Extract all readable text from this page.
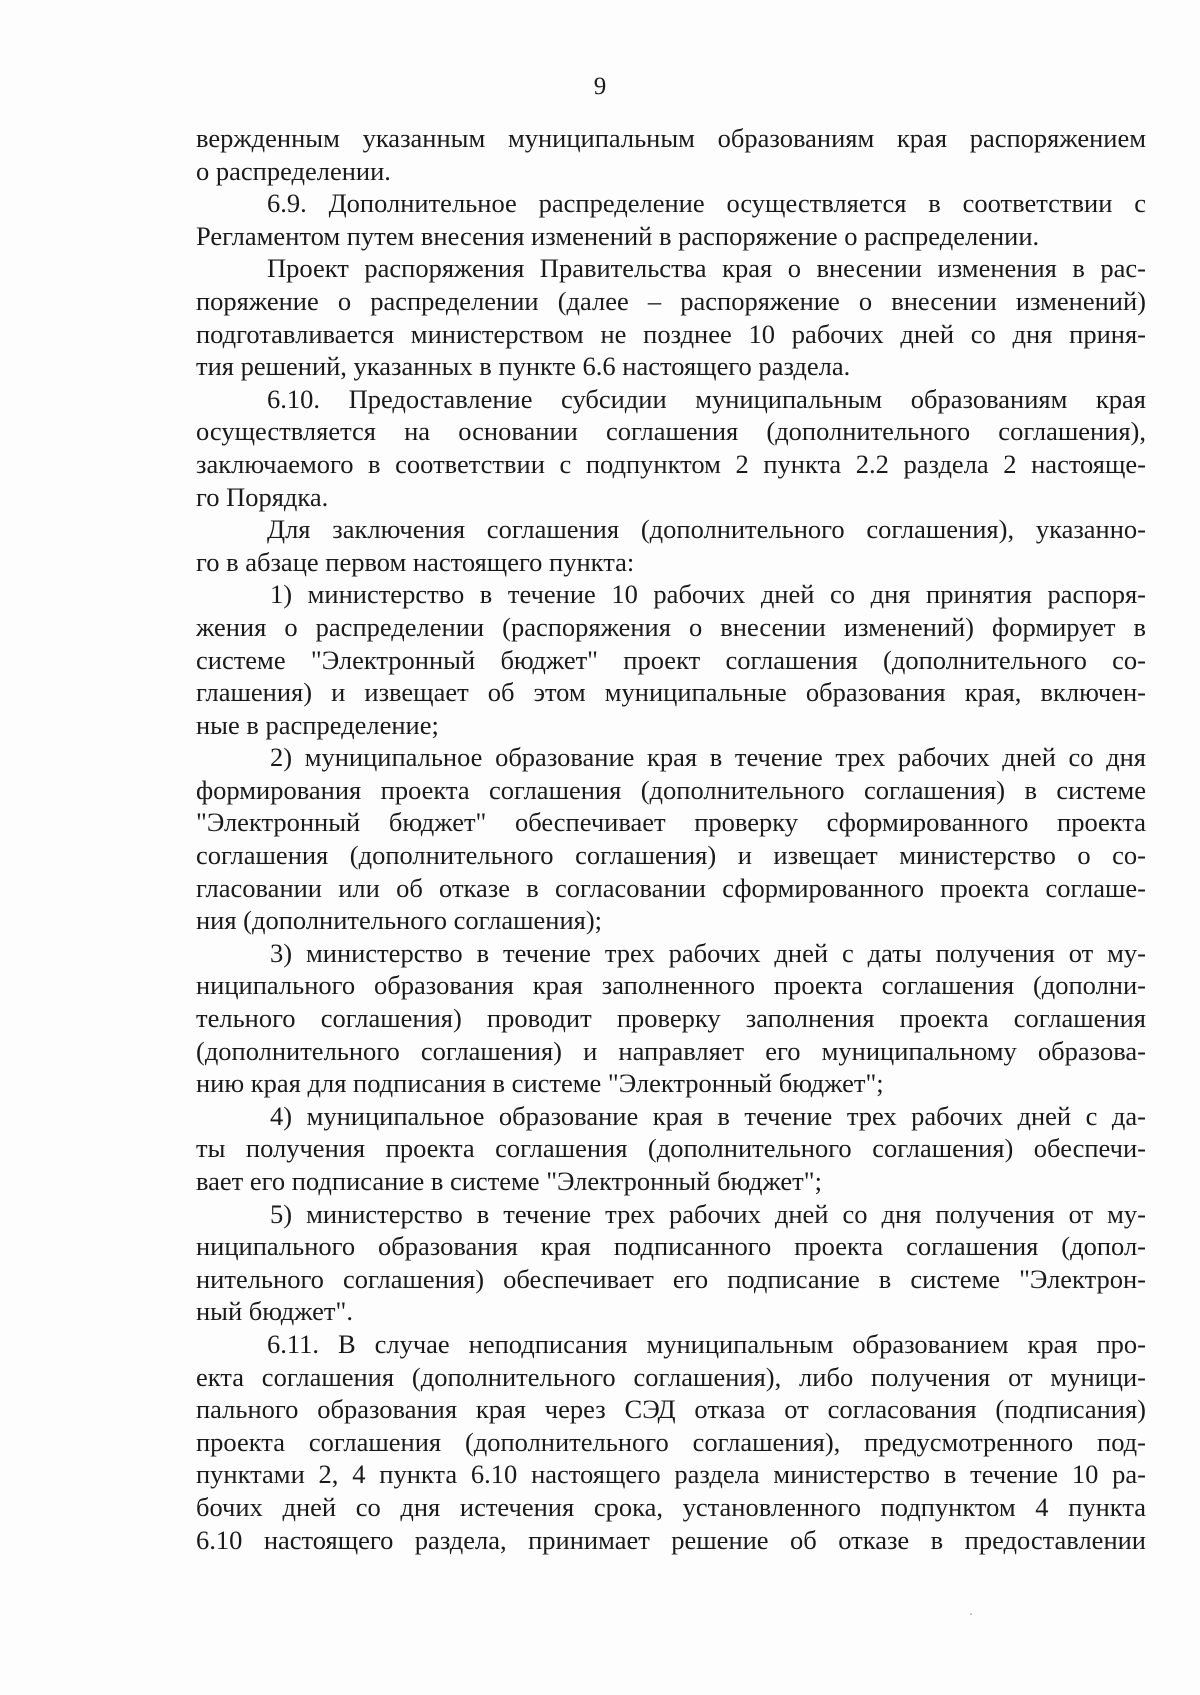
9
вержденным указанным муниципальным образованиям края распоряжением
о распределении.
6.9. Дополнительное распределение осуществляется в соответствии с
Регламентом путем внесения изменений в распоряжение о распределении.
Проект распоряжения Правительства края о внесении изменения в рас-
поряжение о распределении (далее – распоряжение о внесении изменений)
подготавливается министерством не позднее 10 рабочих дней со дня приня-
тия решений, указанных в пункте 6.6 настоящего раздела.
6.10. Предоставление субсидии муниципальным образованиям края
осуществляется на основании соглашения (дополнительного соглашения),
заключаемого в соответствии с подпунктом 2 пункта 2.2 раздела 2 настояще-
го Порядка.
Для заключения соглашения (дополнительного соглашения), указанно-
го в абзаце первом настоящего пункта:
1) министерство в течение 10 рабочих дней со дня принятия распоря-
жения о распределении (распоряжения о внесении изменений) формирует в
системе "Электронный бюджет" проект соглашения (дополнительного со-
глашения) и извещает об этом муниципальные образования края, включен-
ные в распределение;
2) муниципальное образование края в течение трех рабочих дней со дня
формирования проекта соглашения (дополнительного соглашения) в системе
"Электронный бюджет" обеспечивает проверку сформированного проекта
соглашения (дополнительного соглашения) и извещает министерство о со-
гласовании или об отказе в согласовании сформированного проекта соглаше-
ния (дополнительного соглашения);
3) министерство в течение трех рабочих дней с даты получения от му-
ниципального образования края заполненного проекта соглашения (дополни-
тельного соглашения) проводит проверку заполнения проекта соглашения
(дополнительного соглашения) и направляет его муниципальному образова-
нию края для подписания в системе "Электронный бюджет";
4) муниципальное образование края в течение трех рабочих дней с да-
ты получения проекта соглашения (дополнительного соглашения) обеспечи-
вает его подписание в системе "Электронный бюджет";
5) министерство в течение трех рабочих дней со дня получения от му-
ниципального образования края подписанного проекта соглашения (допол-
нительного соглашения) обеспечивает его подписание в системе "Электрон-
ный бюджет".
6.11. В случае неподписания муниципальным образованием края про-
екта соглашения (дополнительного соглашения), либо получения от муници-
пального образования края через СЭД отказа от согласования (подписания)
проекта соглашения (дополнительного соглашения), предусмотренного под-
пунктами 2, 4 пункта 6.10 настоящего раздела министерство в течение 10 ра-
бочих дней со дня истечения срока, установленного подпунктом 4 пункта
6.10 настоящего раздела, принимает решение об отказе в предоставлении
